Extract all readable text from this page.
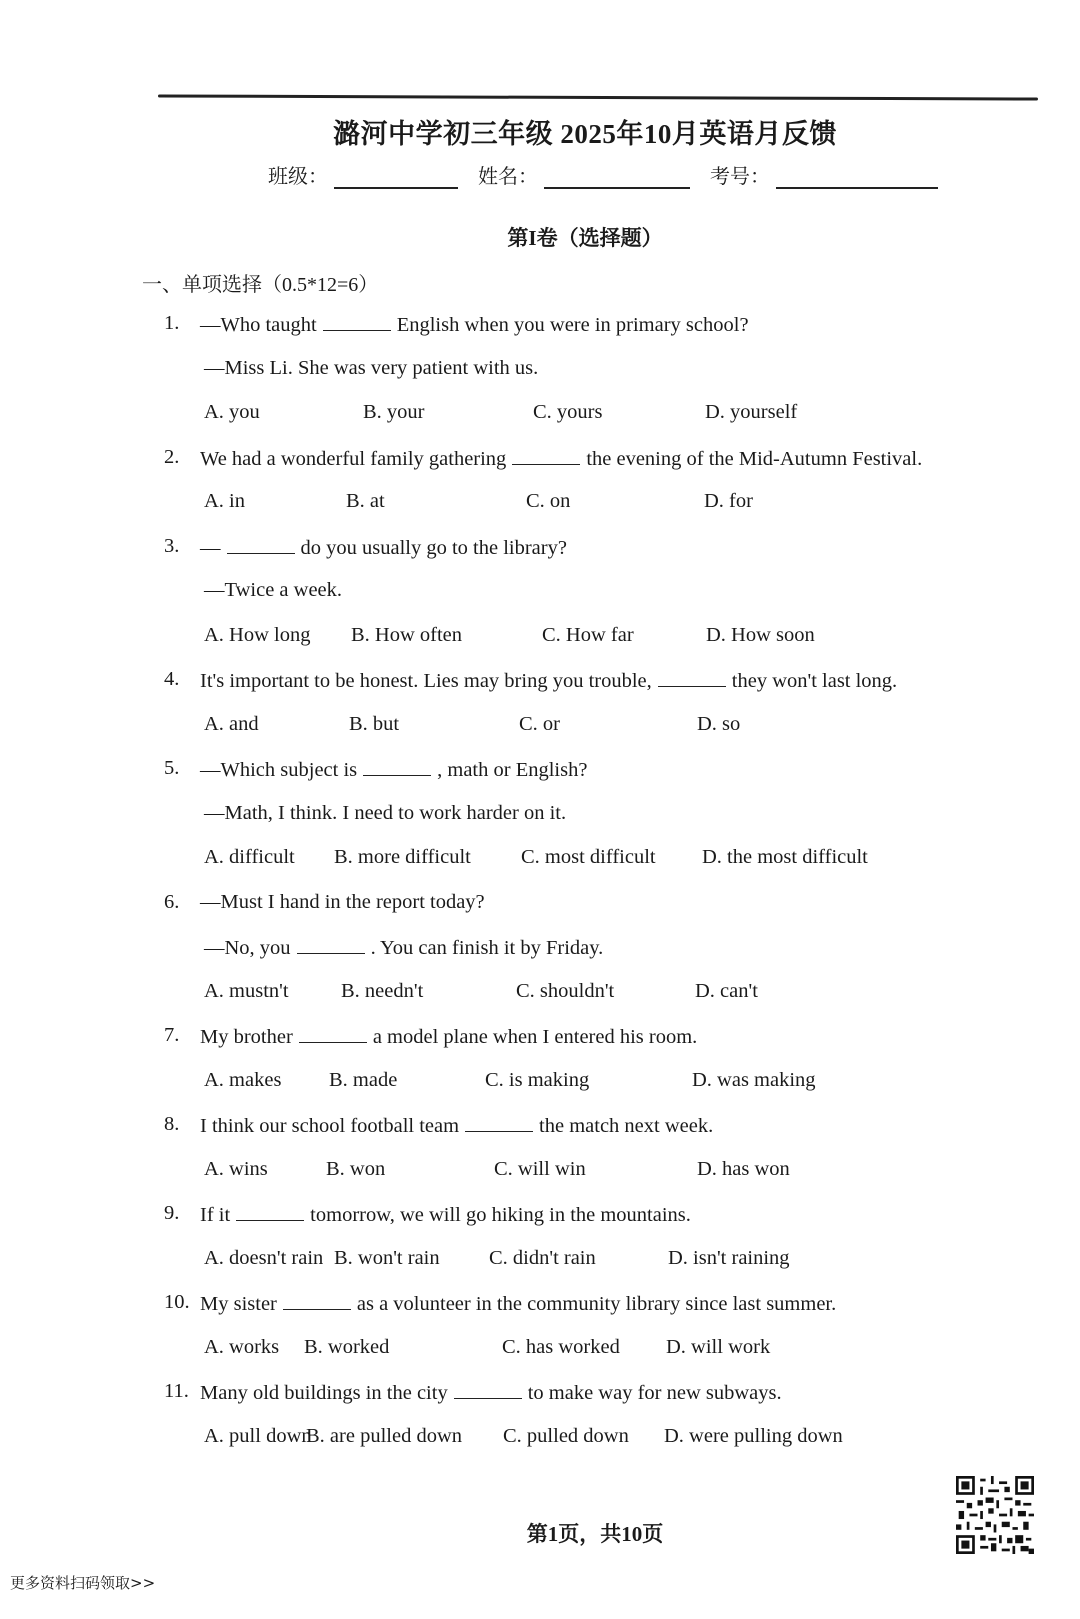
潞河中学初三年级 2025年10月英语月反馈
班级：	姓名：	考号：
第I卷（选择题）
一、单项选择（0.5*12=6）
1.	—Who taught	English when you were in primary school?
—Miss Li. She was very patient with us.
A. you	B. your	C. yours	D. yourself
2.	We had a wonderful family gathering	the evening of the Mid-Autumn Festival.
A. in	B. at	C. on	D. for
3.	—	do you usually go to the library?
—Twice a week.
A. How long B. How often	C. How far	D. How soon
4.	It's important to be honest. Lies may bring you trouble,	they won't last long.
A. and	B. but	C. or	D. so
5.	—Which subject is	, math or English?
—Math, I think. I need to work harder on it.
A. difficult B. more difficult C. most difficult D. the most difficult
6.	—Must I hand in the report today?
—No, you	. You can finish it by Friday.
A. mustn't	B. needn't	C. shouldn't	D. can't
7.	My brother	a model plane when I entered his room.
A. makes B. made	C. is making	D. was making
8.	I think our school football team	the match next week.
A. wins	B. won	C. will win	D. has won
9.	If it	tomorrow, we will go hiking in the mountains.
A. doesn't rain B. won't rain C. didn't rain	D. isn't raining
10. My sister	as a volunteer in the community library since last summer.
A. works B. worked	C. has worked D. will work
11. Many old buildings in the city	to make way for new subways.
A. pull down
B. are pulled down C. pulled down D. were pulling down
第1页，共10页
更多资料扫码领取>>
